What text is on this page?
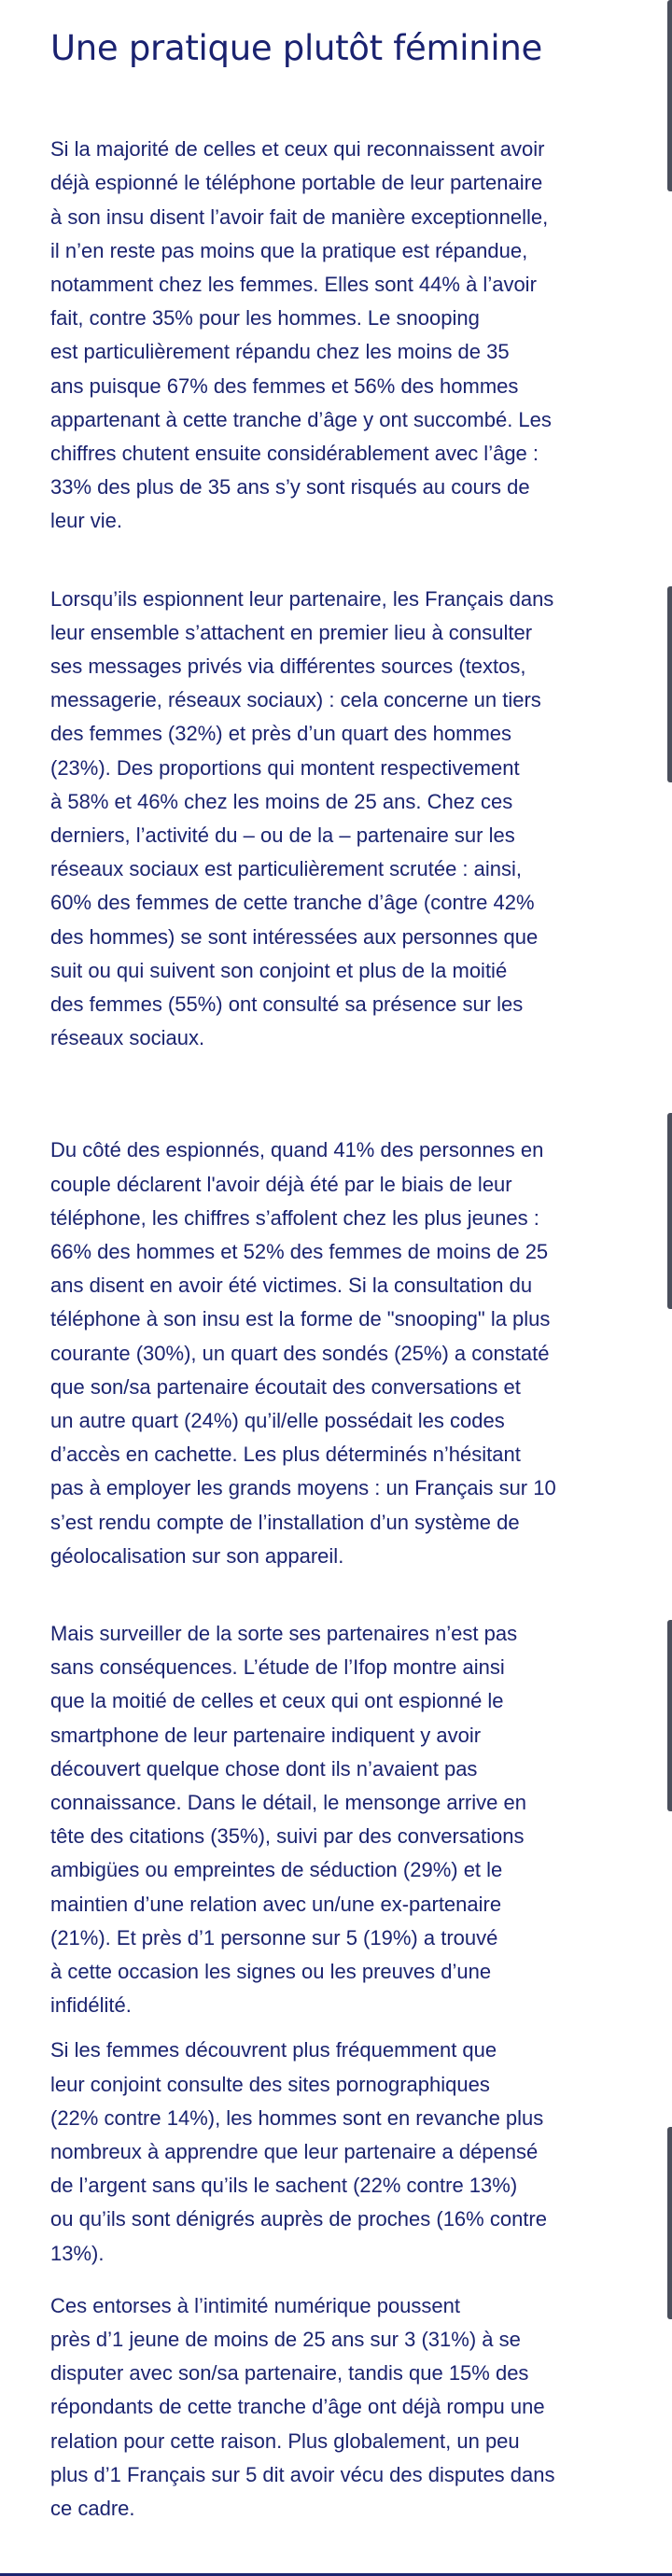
Une pratique plutôt féminine

Si la majorité de celles et ceux qui reconnaissent avoir
déjà espionné le téléphone portable de leur partenaire
à son insu disent l’avoir fait de manière exceptionnelle,
il n’en reste pas moins que la pratique est répandue,
notamment chez les femmes. Elles sont 44% à l’avoir
fait, contre 35% pour les hommes. Le snooping
est particulièrement répandu chez les moins de 35
ans puisque 67% des femmes et 56% des hommes
appartenant à cette tranche d’âge y ont succombé. Les
chiffres chutent ensuite considérablement avec l’âge :
33% des plus de 35 ans s’y sont risqués au cours de
leur vie.

Lorsqu’ils espionnent leur partenaire, les Français dans
leur ensemble s’attachent en premier lieu à consulter
ses messages privés via différentes sources (textos,
messagerie, réseaux sociaux) : cela concerne un tiers
des femmes (32%) et près d’un quart des hommes
(23%). Des proportions qui montent respectivement
à 58% et 46% chez les moins de 25 ans. Chez ces
derniers, l’activité du – ou de la – partenaire sur les
réseaux sociaux est particulièrement scrutée : ainsi,
60% des femmes de cette tranche d’âge (contre 42%
des hommes) se sont intéressées aux personnes que
suit ou qui suivent son conjoint et plus de la moitié
des femmes (55%) ont consulté sa présence sur les
réseaux sociaux.

Du côté des espionnés, quand 41% des personnes en
couple déclarent l'avoir déjà été par le biais de leur
téléphone, les chiffres s’affolent chez les plus jeunes :
66% des hommes et 52% des femmes de moins de 25
ans disent en avoir été victimes. Si la consultation du
téléphone à son insu est la forme de "snooping" la plus
courante (30%), un quart des sondés (25%) a constaté
que son/sa partenaire écoutait des conversations et
un autre quart (24%) qu’il/elle possédait les codes
d’accès en cachette. Les plus déterminés n’hésitant
pas à employer les grands moyens : un Français sur 10
s’est rendu compte de l’installation d’un système de
géolocalisation sur son appareil.

Mais surveiller de la sorte ses partenaires n’est pas
sans conséquences. L’étude de l’Ifop montre ainsi
que la moitié de celles et ceux qui ont espionné le
smartphone de leur partenaire indiquent y avoir
découvert quelque chose dont ils n’avaient pas
connaissance. Dans le détail, le mensonge arrive en
tête des citations (35%), suivi par des conversations
ambigües ou empreintes de séduction (29%) et le
maintien d’une relation avec un/une ex-partenaire
(21%). Et près d’1 personne sur 5 (19%) a trouvé
à cette occasion les signes ou les preuves d’une
infidélité.

Si les femmes découvrent plus fréquemment que
leur conjoint consulte des sites pornographiques
(22% contre 14%), les hommes sont en revanche plus
nombreux à apprendre que leur partenaire a dépensé
de l’argent sans qu’ils le sachent (22% contre 13%)
ou qu’ils sont dénigrés auprès de proches (16% contre
13%).

Ces entorses à l’intimité numérique poussent
près d’1 jeune de moins de 25 ans sur 3 (31%) à se
disputer avec son/sa partenaire, tandis que 15% des
répondants de cette tranche d’âge ont déjà rompu une
relation pour cette raison. Plus globalement, un peu
plus d’1 Français sur 5 dit avoir vécu des disputes dans
ce cadre.
